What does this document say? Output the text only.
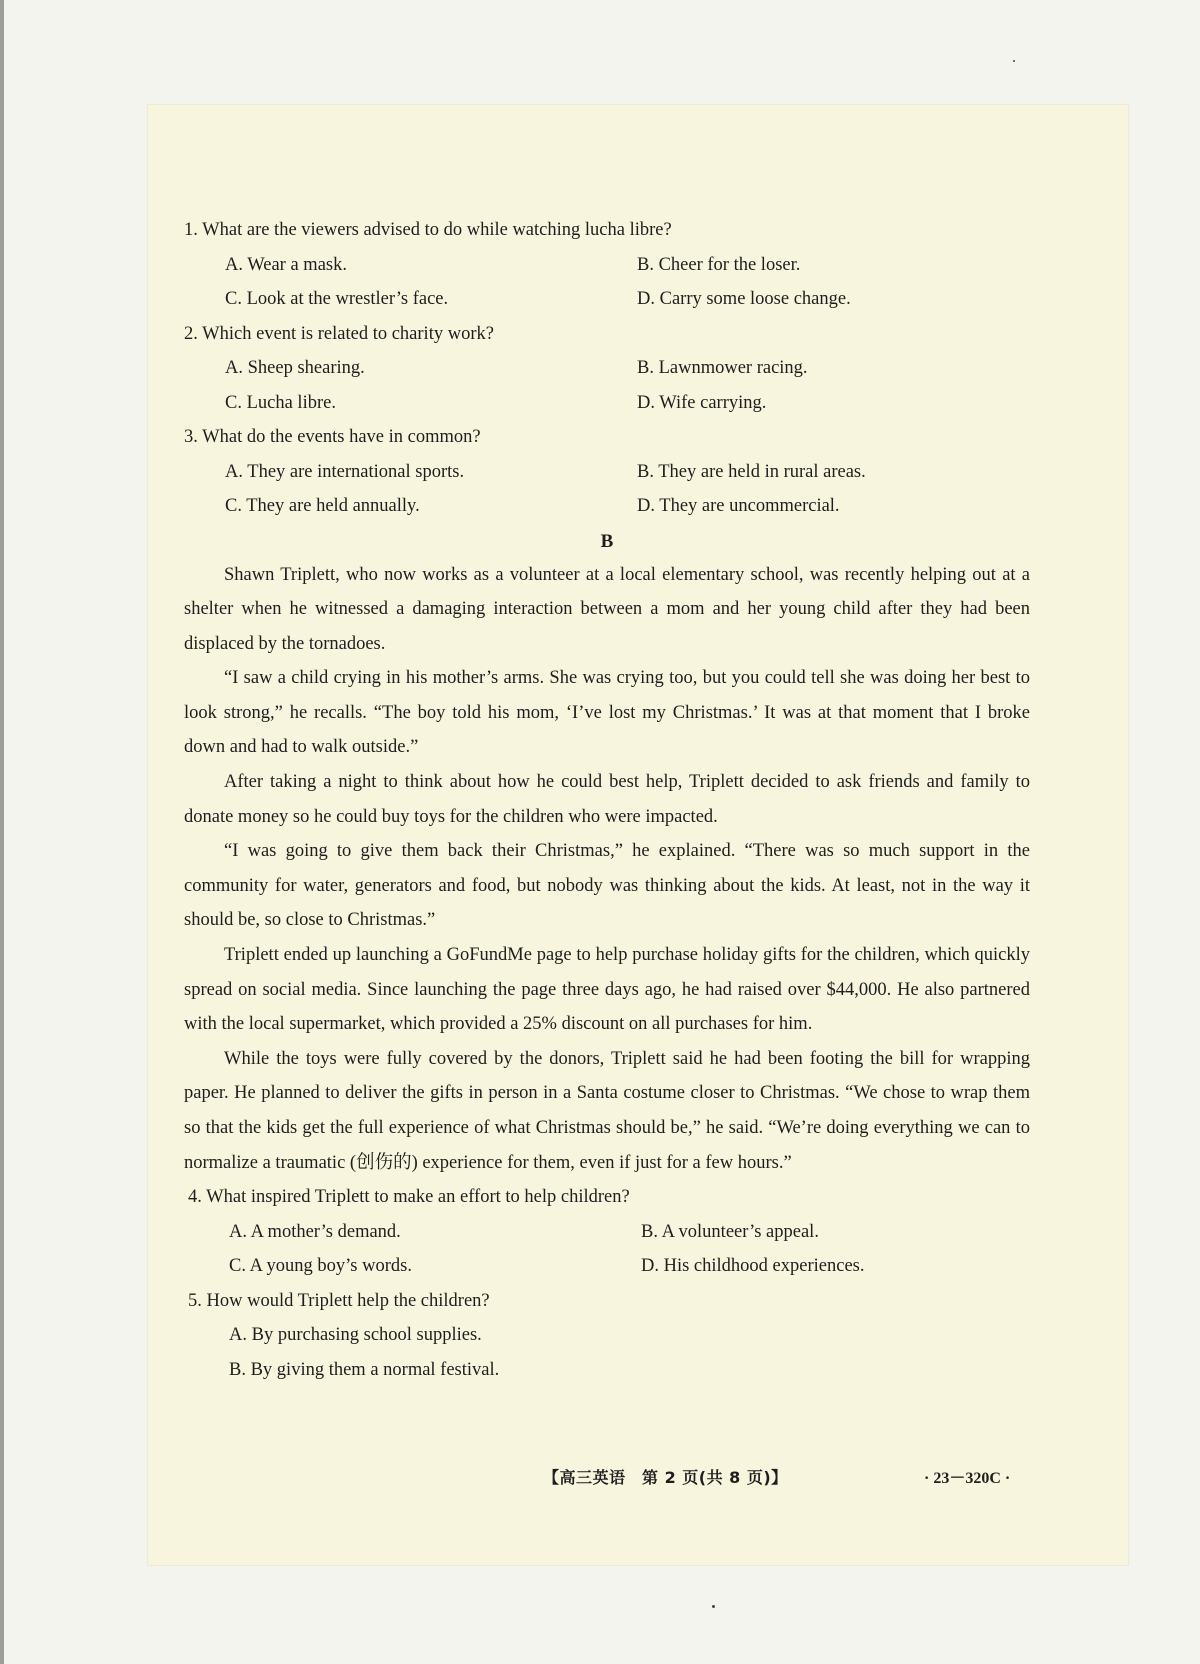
1. What are the viewers advised to do while watching lucha libre?

A. Wear a mask.	B. Cheer for the loser.
C. Look at the wrestler’s face.	D. Carry some loose change.

2. Which event is related to charity work?

A. Sheep shearing.	B. Lawnmower racing.
C. Lucha libre.	D. Wife carrying.

3. What do the events have in common?

A. They are international sports.	B. They are held in rural areas.
C. They are held annually.	D. They are uncommercial.
B

Shawn Triplett, who now works as a volunteer at a local elementary school, was recently helping out at a shelter when he witnessed a damaging interaction between a mom and her young child after they had been displaced by the tornadoes.

“I saw a child crying in his mother’s arms. She was crying too, but you could tell she was doing her best to look strong,” he recalls. “The boy told his mom, ‘I’ve lost my Christmas.’ It was at that moment that I broke down and had to walk outside.”

After taking a night to think about how he could best help, Triplett decided to ask friends and family to donate money so he could buy toys for the children who were impacted.

“I was going to give them back their Christmas,” he explained. “There was so much support in the community for water, generators and food, but nobody was thinking about the kids. At least, not in the way it should be, so close to Christmas.”

Triplett ended up launching a GoFundMe page to help purchase holiday gifts for the children, which quickly spread on social media. Since launching the page three days ago, he had raised over $44,000. He also partnered with the local supermarket, which provided a 25% discount on all purchases for him.

While the toys were fully covered by the donors, Triplett said he had been footing the bill for wrapping paper. He planned to deliver the gifts in person in a Santa costume closer to Christmas. “We chose to wrap them so that the kids get the full experience of what Christmas should be,” he said. “We’re doing everything we can to normalize a traumatic (创伤的) experience for them, even if just for a few hours.”

4. What inspired Triplett to make an effort to help children?

A. A mother’s demand.	B. A volunteer’s appeal.
C. A young boy’s words.	D. His childhood experiences.

5. How would Triplett help the children?

A. By purchasing school supplies.
B. By giving them a normal festival.
【高三英语　第 2 页(共 8 页)】	· 23－320C ·
